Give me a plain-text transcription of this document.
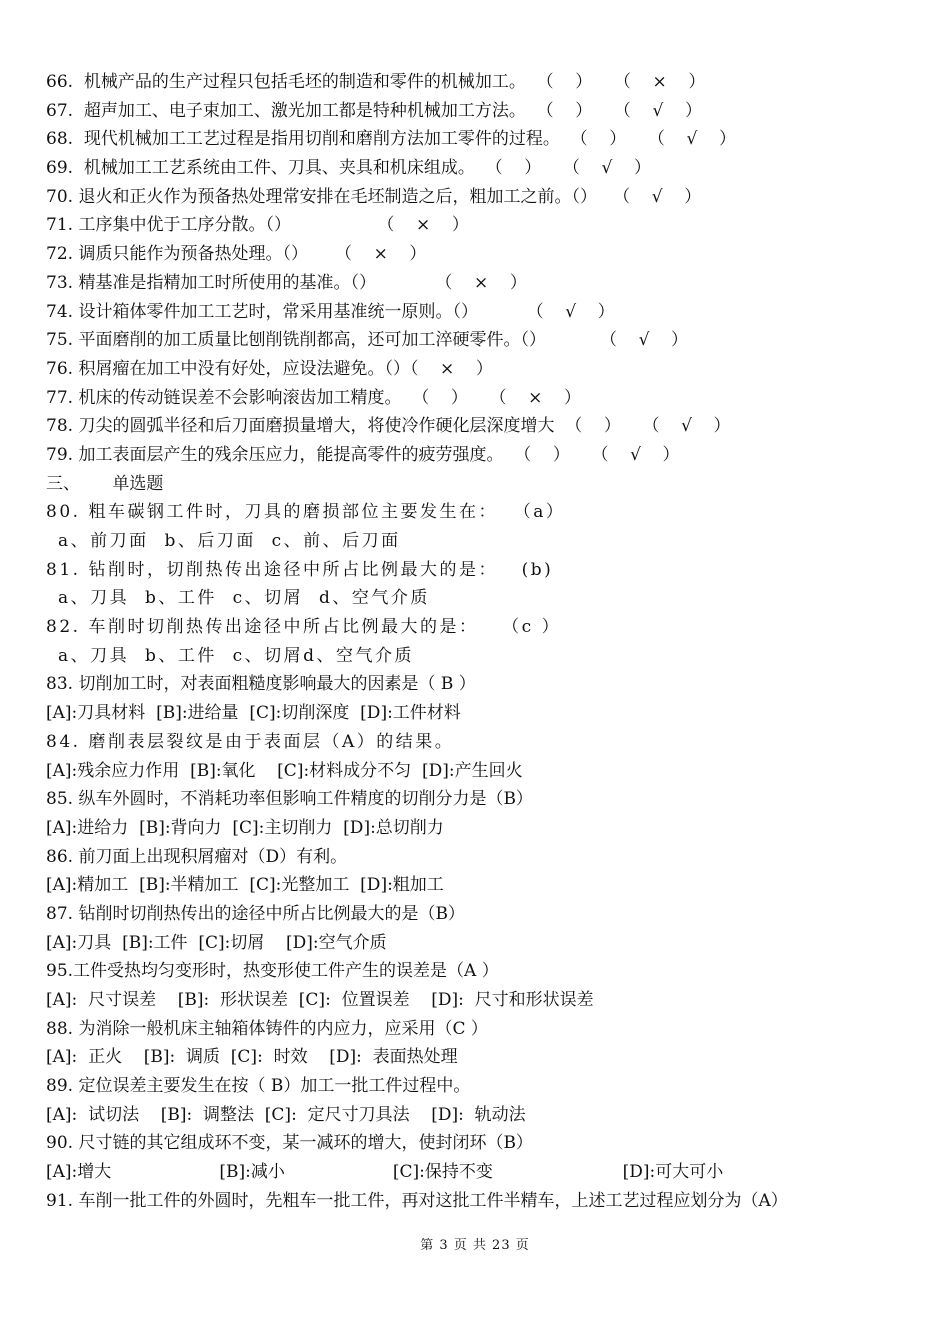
66.  机械产品的生产过程只包括毛坯的制造和零件的机械加工。  （    ）    （    ×    ）
67.  超声加工、电子束加工、激光加工都是特种机械加工方法。  （    ）    （    √    ）
68.  现代机械加工工艺过程是指用切削和磨削方法加工零件的过程。  （    ）    （    √    ）
69.  机械加工工艺系统由工件、刀具、夹具和机床组成。  （    ）    （    √    ）
70. 退火和正火作为预备热处理常安排在毛坯制造之后，粗加工之前。（）   （    √    ）
71. 工序集中优于工序分散。（）                （    ×    ）
72. 调质只能作为预备热处理。（）     （    ×    ）
73. 精基准是指精加工时所使用的基准。（）           （    ×    ）
74. 设计箱体零件加工工艺时，常采用基准统一原则。（）         （    √    ）
75. 平面磨削的加工质量比刨削铣削都高，还可加工淬硬零件。（）          （    √    ）
76. 积屑瘤在加工中没有好处，应设法避免。（）（    ×    ）
77. 机床的传动链误差不会影响滚齿加工精度。  （    ）    （    ×    ）
78. 刀尖的圆弧半径和后刀面磨损量增大，将使冷作硬化层深度增大  （    ）    （    √    ）
79. 加工表面层产生的残余压应力，能提高零件的疲劳强度。  （    ）    （    √    ）
三、      单选题
80. 粗车碳钢工件时，刀具的磨损部位主要发生在：  （a）
a、前刀面  b、后刀面  c、前、后刀面
81. 钻削时，切削热传出途径中所占比例最大的是：   (b)
a、刀具  b、工件  c、切屑  d、空气介质
82. 车削时切削热传出途径中所占比例最大的是：   （c ）
a、刀具  b、工件  c、切屑d、空气介质
83. 切削加工时，对表面粗糙度影响最大的因素是（ B ）
[A]:刀具材料  [B]:进给量  [C]:切削深度  [D]:工件材料
84. 磨削表层裂纹是由于表面层（A）的结果。
[A]:残余应力作用  [B]:氧化    [C]:材料成分不匀  [D]:产生回火
85. 纵车外圆时，不消耗功率但影响工件精度的切削分力是（B）
[A]:进给力  [B]:背向力  [C]:主切削力  [D]:总切削力
86. 前刀面上出现积屑瘤对（D）有利。
[A]:精加工  [B]:半精加工  [C]:光整加工  [D]:粗加工
87. 钻削时切削热传出的途径中所占比例最大的是（B）
[A]:刀具  [B]:工件  [C]:切屑    [D]:空气介质
95.工件受热均匀变形时，热变形使工件产生的误差是（A ）
[A]:  尺寸误差    [B]:  形状误差  [C]:  位置误差    [D]:  尺寸和形状误差
88. 为消除一般机床主轴箱体铸件的内应力，应采用（C ）
[A]:  正火    [B]:  调质  [C]:  时效    [D]:  表面热处理
89. 定位误差主要发生在按（ B）加工一批工件过程中。
[A]:  试切法    [B]:  调整法  [C]:  定尺寸刀具法    [D]:  轨动法
90. 尺寸链的其它组成环不变，某一减环的增大，使封闭环（B）
[A]:增大                    [B]:减小                    [C]:保持不变                        [D]:可大可小
91. 车削一批工件的外圆时，先粗车一批工件，再对这批工件半精车，上述工艺过程应划分为（A）
第 3 页 共 23 页
